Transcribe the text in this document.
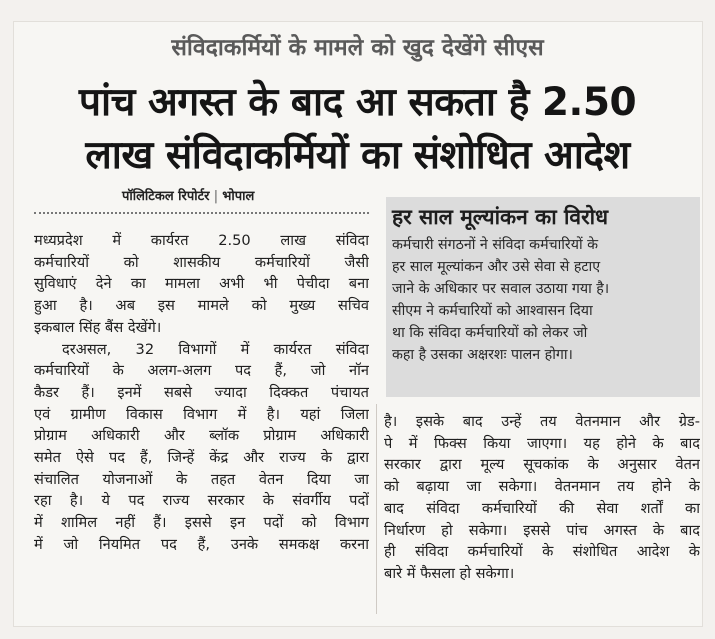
संविदाकर्मियों के मामले को खुद देखेंगे सीएस
पांच अगस्त के बाद आ सकता है 2.50
लाख संविदाकर्मियों का संशोधित आदेश
पॉलिटिकल रिपोर्टर | भोपाल
मध्यप्रदेश में कार्यरत 2.50 लाख संविदा
कर्मचारियों को शासकीय कर्मचारियों जैसी
सुविधाएं देने का मामला अभी भी पेचीदा बना
हुआ है। अब इस मामले को मुख्य सचिव
इकबाल सिंह बैंस देखेंगे।
दरअसल, 32 विभागों में कार्यरत संविदा
कर्मचारियों के अलग-अलग पद हैं, जो नॉन
कैडर हैं। इनमें सबसे ज्यादा दिक्कत पंचायत
एवं ग्रामीण विकास विभाग में है। यहां जिला
प्रोग्राम अधिकारी और ब्लॉक प्रोग्राम अधिकारी
समेत ऐसे पद हैं, जिन्हें केंद्र और राज्य के द्वारा
संचालित योजनाओं के तहत वेतन दिया जा
रहा है। ये पद राज्य सरकार के संवर्गीय पदों
में शामिल नहीं हैं। इससे इन पदों को विभाग
में जो नियमित पद हैं, उनके समकक्ष करना
हर साल मूल्यांकन का विरोध
कर्मचारी संगठनों ने संविदा कर्मचारियों के
हर साल मूल्यांकन और उसे सेवा से हटाए
जाने के अधिकार पर सवाल उठाया गया है।
सीएम ने कर्मचारियों को आश्वासन दिया
था कि संविदा कर्मचारियों को लेकर जो
कहा है उसका अक्षरशः पालन होगा।
है। इसके बाद उन्हें तय वेतनमान और ग्रेड-
पे में फिक्स किया जाएगा। यह होने के बाद
सरकार द्वारा मूल्य सूचकांक के अनुसार वेतन
को बढ़ाया जा सकेगा। वेतनमान तय होने के
बाद संविदा कर्मचारियों की सेवा शर्तों का
निर्धारण हो सकेगा। इससे पांच अगस्त के बाद
ही संविदा कर्मचारियों के संशोधित आदेश के
बारे में फैसला हो सकेगा।
